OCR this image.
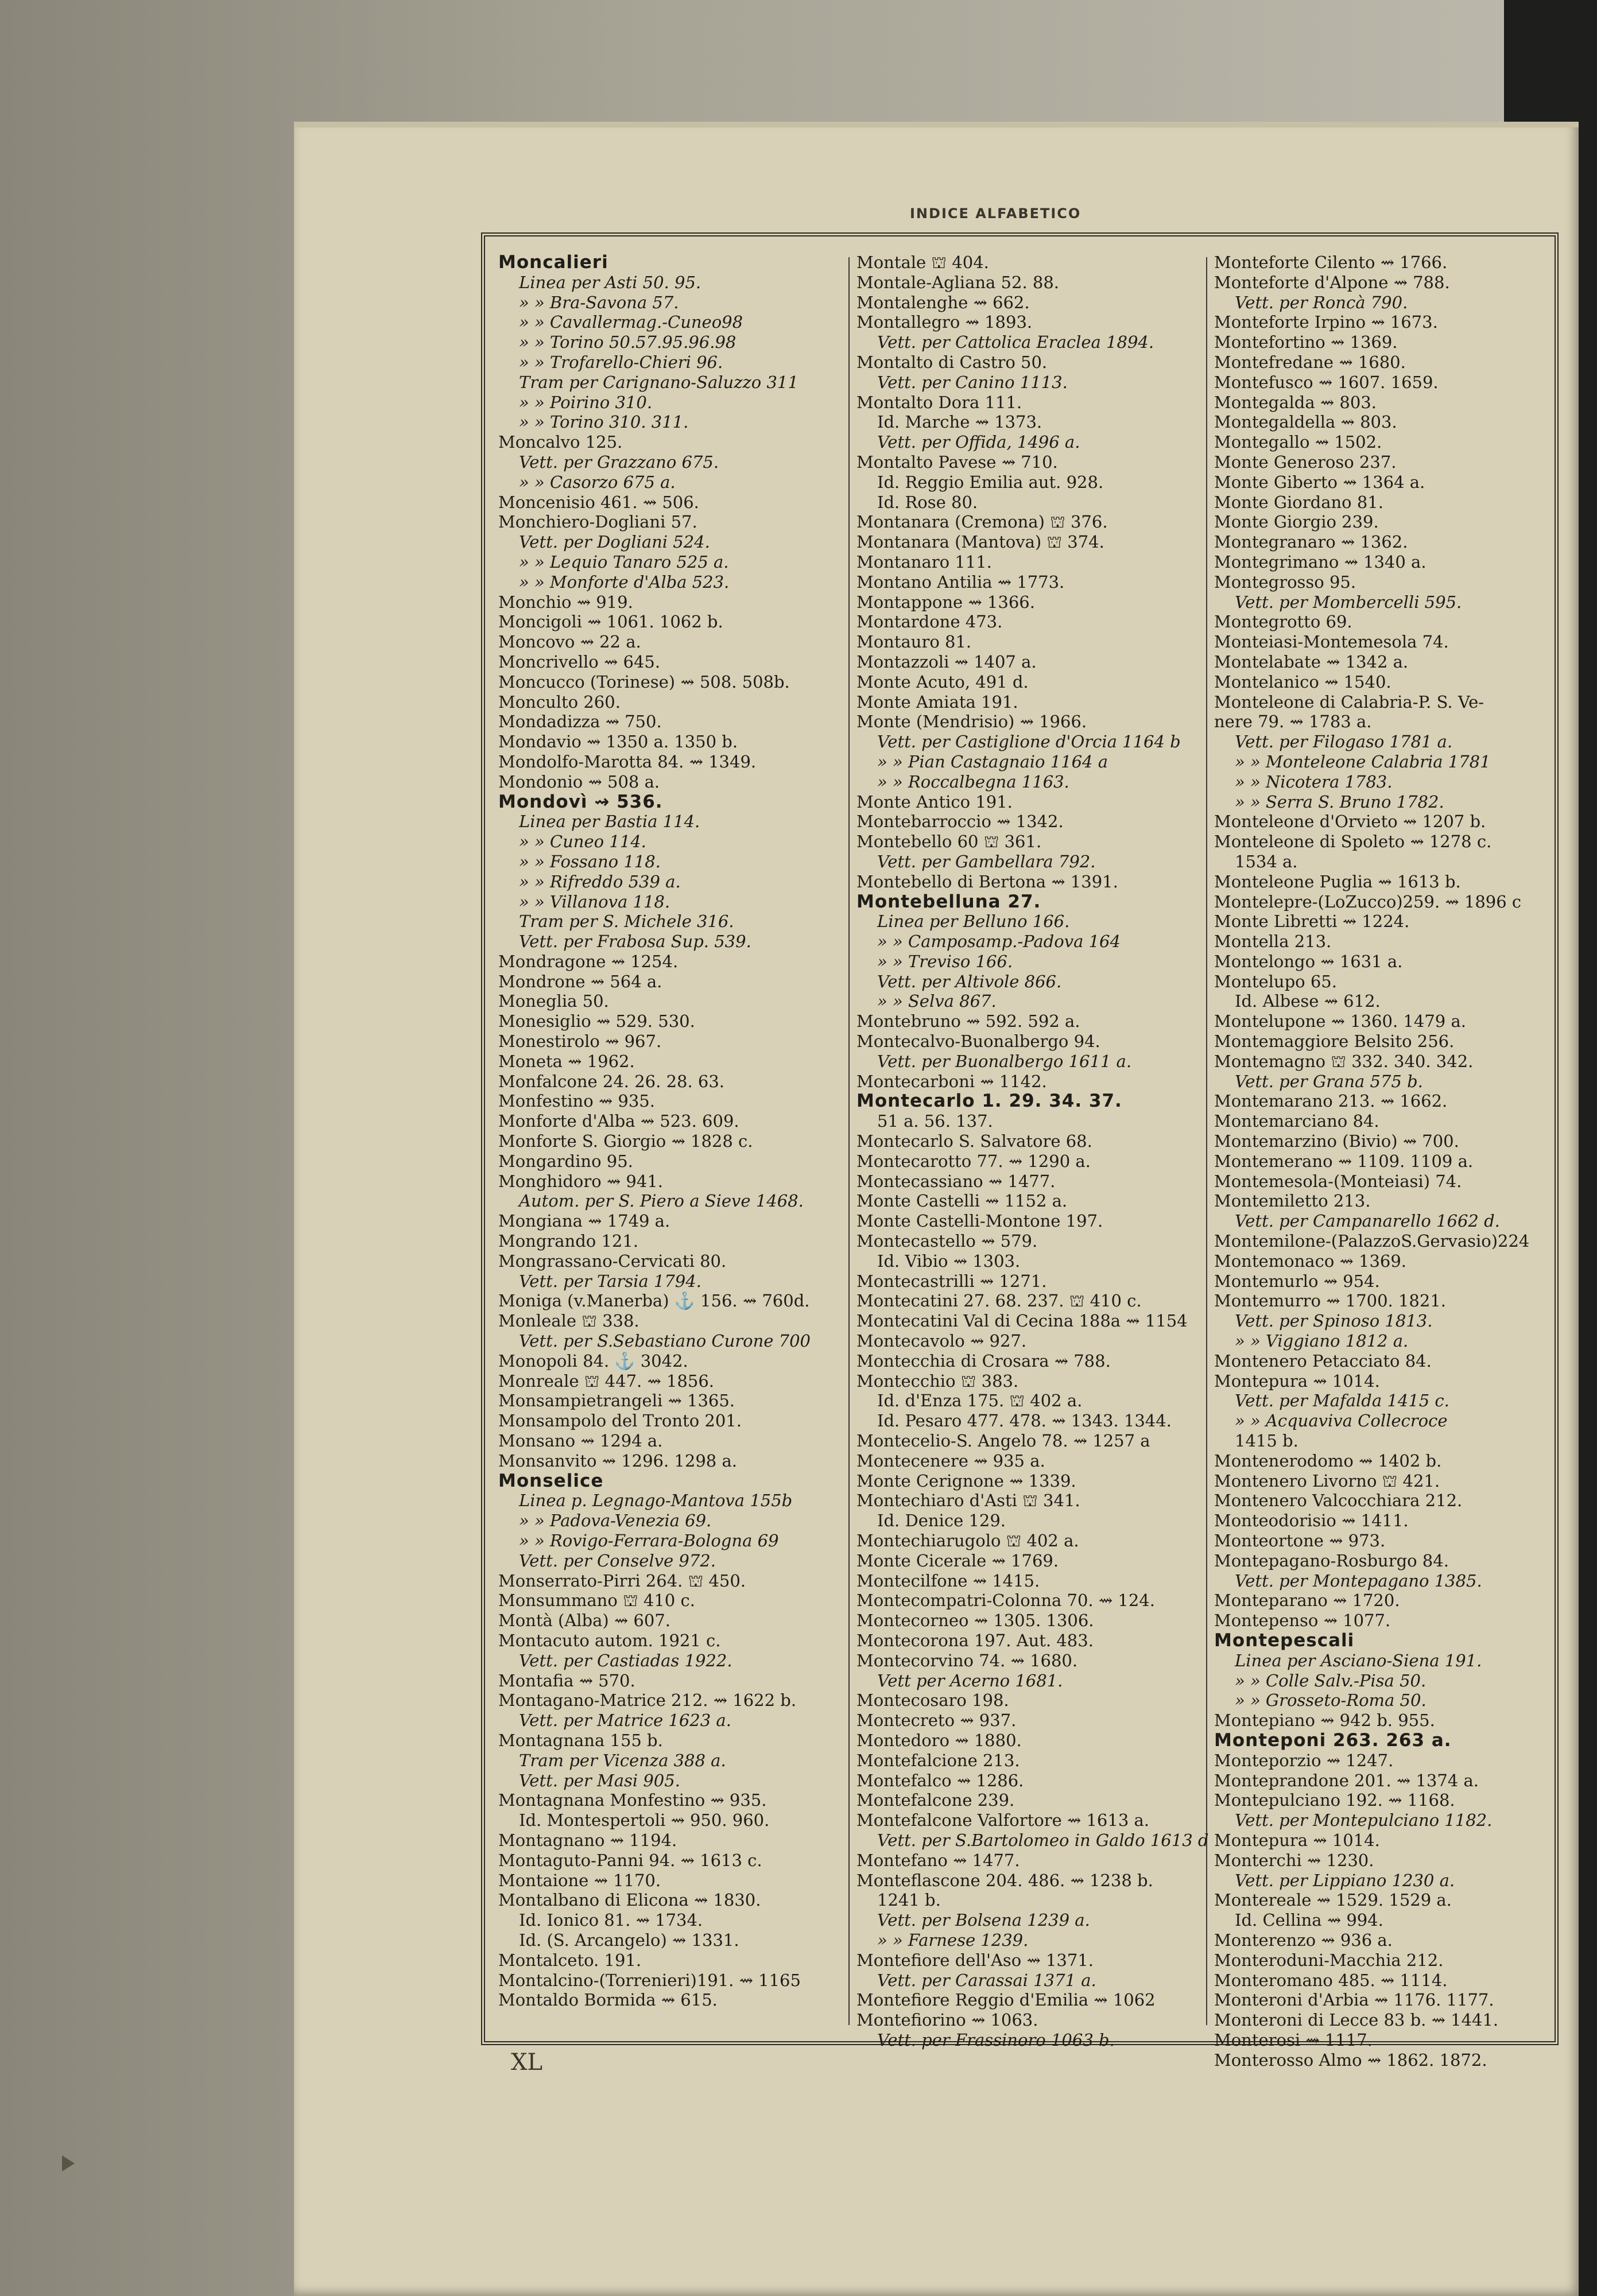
INDICE ALFABETICO
Moncalieri
Linea per Asti 50. 95.
» » Bra-Savona 57.
» » Cavallermag.-Cuneo98
» » Torino 50.57.95.96.98
» » Trofarello-Chieri 96.
Tram per Carignano-Saluzzo 311
» » Poirino 310.
» » Torino 310. 311.
Moncalvo 125.
Vett. per Grazzano 675.
» » Casorzo 675 a.
Moncenisio 461. ⇝ 506.
Monchiero-Dogliani 57.
Vett. per Dogliani 524.
» » Lequio Tanaro 525 a.
» » Monforte d'Alba 523.
Monchio ⇝ 919.
Moncigoli ⇝ 1061. 1062 b.
Moncovo ⇝ 22 a.
Moncrivello ⇝ 645.
Moncucco (Torinese) ⇝ 508. 508b.
Monculto 260.
Mondadizza ⇝ 750.
Mondavio ⇝ 1350 a. 1350 b.
Mondolfo-Marotta 84. ⇝ 1349.
Mondonio ⇝ 508 a.
Mondovì ⇝ 536.
Linea per Bastia 114.
» » Cuneo 114.
» » Fossano 118.
» » Rifreddo 539 a.
» » Villanova 118.
Tram per S. Michele 316.
Vett. per Frabosa Sup. 539.
Mondragone ⇝ 1254.
Mondrone ⇝ 564 a.
Moneglia 50.
Monesiglio ⇝ 529. 530.
Monestirolo ⇝ 967.
Moneta ⇝ 1962.
Monfalcone 24. 26. 28. 63.
Monfestino ⇝ 935.
Monforte d'Alba ⇝ 523. 609.
Monforte S. Giorgio ⇝ 1828 c.
Mongardino 95.
Monghidoro ⇝ 941.
Autom. per S. Piero a Sieve 1468.
Mongiana ⇝ 1749 a.
Mongrando 121.
Mongrassano-Cervicati 80.
Vett. per Tarsia 1794.
Moniga (v.Manerba) ⚓ 156. ⇝ 760d.
Monleale ⛫ 338.
Vett. per S.Sebastiano Curone 700
Monopoli 84. ⚓ 3042.
Monreale ⛫ 447. ⇝ 1856.
Monsampietrangeli ⇝ 1365.
Monsampolo del Tronto 201.
Monsano ⇝ 1294 a.
Monsanvito ⇝ 1296. 1298 a.
Monselice
Linea p. Legnago-Mantova 155b
» » Padova-Venezia 69.
» » Rovigo-Ferrara-Bologna 69
Vett. per Conselve 972.
Monserrato-Pirri 264. ⛫ 450.
Monsummano ⛫ 410 c.
Montà (Alba) ⇝ 607.
Montacuto autom. 1921 c.
Vett. per Castiadas 1922.
Montafia ⇝ 570.
Montagano-Matrice 212. ⇝ 1622 b.
Vett. per Matrice 1623 a.
Montagnana 155 b.
Tram per Vicenza 388 a.
Vett. per Masi 905.
Montagnana Monfestino ⇝ 935.
Id. Montespertoli ⇝ 950. 960.
Montagnano ⇝ 1194.
Montaguto-Panni 94. ⇝ 1613 c.
Montaione ⇝ 1170.
Montalbano di Elicona ⇝ 1830.
Id. Ionico 81. ⇝ 1734.
Id. (S. Arcangelo) ⇝ 1331.
Montalceto. 191.
Montalcino-(Torrenieri)191. ⇝ 1165
Montaldo Bormida ⇝ 615.
Montale ⛫ 404.
Montale-Agliana 52. 88.
Montalenghe ⇝ 662.
Montallegro ⇝ 1893.
Vett. per Cattolica Eraclea 1894.
Montalto di Castro 50.
Vett. per Canino 1113.
Montalto Dora 111.
Id. Marche ⇝ 1373.
Vett. per Offida, 1496 a.
Montalto Pavese ⇝ 710.
Id. Reggio Emilia aut. 928.
Id. Rose 80.
Montanara (Cremona) ⛫ 376.
Montanara (Mantova) ⛫ 374.
Montanaro 111.
Montano Antilia ⇝ 1773.
Montappone ⇝ 1366.
Montardone 473.
Montauro 81.
Montazzoli ⇝ 1407 a.
Monte Acuto, 491 d.
Monte Amiata 191.
Monte (Mendrisio) ⇝ 1966.
Vett. per Castiglione d'Orcia 1164 b
» » Pian Castagnaio 1164 a
» » Roccalbegna 1163.
Monte Antico 191.
Montebarroccio ⇝ 1342.
Montebello 60 ⛫ 361.
Vett. per Gambellara 792.
Montebello di Bertona ⇝ 1391.
Montebelluna 27.
Linea per Belluno 166.
» » Camposamp.-Padova 164
» » Treviso 166.
Vett. per Altivole 866.
» » Selva 867.
Montebruno ⇝ 592. 592 a.
Montecalvo-Buonalbergo 94.
Vett. per Buonalbergo 1611 a.
Montecarboni ⇝ 1142.
Montecarlo 1. 29. 34. 37.
51 a. 56. 137.
Montecarlo S. Salvatore 68.
Montecarotto 77. ⇝ 1290 a.
Montecassiano ⇝ 1477.
Monte Castelli ⇝ 1152 a.
Monte Castelli-Montone 197.
Montecastello ⇝ 579.
Id. Vibio ⇝ 1303.
Montecastrilli ⇝ 1271.
Montecatini 27. 68. 237. ⛫ 410 c.
Montecatini Val di Cecina 188a ⇝ 1154
Montecavolo ⇝ 927.
Montecchia di Crosara ⇝ 788.
Montecchio ⛫ 383.
Id. d'Enza 175. ⛫ 402 a.
Id. Pesaro 477. 478. ⇝ 1343. 1344.
Montecelio-S. Angelo 78. ⇝ 1257 a
Montecenere ⇝ 935 a.
Monte Cerignone ⇝ 1339.
Montechiaro d'Asti ⛫ 341.
Id. Denice 129.
Montechiarugolo ⛫ 402 a.
Monte Cicerale ⇝ 1769.
Montecilfone ⇝ 1415.
Montecompatri-Colonna 70. ⇝ 124.
Montecorneo ⇝ 1305. 1306.
Montecorona 197. Aut. 483.
Montecorvino 74. ⇝ 1680.
Vett per Acerno 1681.
Montecosaro 198.
Montecreto ⇝ 937.
Montedoro ⇝ 1880.
Montefalcione 213.
Montefalco ⇝ 1286.
Montefalcone 239.
Montefalcone Valfortore ⇝ 1613 a.
Vett. per S.Bartolomeo in Galdo 1613 d
Montefano ⇝ 1477.
Monteflascone 204. 486. ⇝ 1238 b.
1241 b.
Vett. per Bolsena 1239 a.
» » Farnese 1239.
Montefiore dell'Aso ⇝ 1371.
Vett. per Carassai 1371 a.
Montefiore Reggio d'Emilia ⇝ 1062
Montefiorino ⇝ 1063.
Vett. per Frassinoro 1063 b.
Monteforte Cilento ⇝ 1766.
Monteforte d'Alpone ⇝ 788.
Vett. per Roncà 790.
Monteforte Irpino ⇝ 1673.
Montefortino ⇝ 1369.
Montefredane ⇝ 1680.
Montefusco ⇝ 1607. 1659.
Montegalda ⇝ 803.
Montegaldella ⇝ 803.
Montegallo ⇝ 1502.
Monte Generoso 237.
Monte Giberto ⇝ 1364 a.
Monte Giordano 81.
Monte Giorgio 239.
Montegranaro ⇝ 1362.
Montegrimano ⇝ 1340 a.
Montegrosso 95.
Vett. per Mombercelli 595.
Montegrotto 69.
Monteiasi-Montemesola 74.
Montelabate ⇝ 1342 a.
Montelanico ⇝ 1540.
Monteleone di Calabria-P. S. Ve-
nere 79. ⇝ 1783 a.
Vett. per Filogaso 1781 a.
» » Monteleone Calabria 1781
» » Nicotera 1783.
» » Serra S. Bruno 1782.
Monteleone d'Orvieto ⇝ 1207 b.
Monteleone di Spoleto ⇝ 1278 c.
1534 a.
Monteleone Puglia ⇝ 1613 b.
Montelepre-(LoZucco)259. ⇝ 1896 c
Monte Libretti ⇝ 1224.
Montella 213.
Montelongo ⇝ 1631 a.
Montelupo 65.
Id. Albese ⇝ 612.
Montelupone ⇝ 1360. 1479 a.
Montemaggiore Belsito 256.
Montemagno ⛫ 332. 340. 342.
Vett. per Grana 575 b.
Montemarano 213. ⇝ 1662.
Montemarciano 84.
Montemarzino (Bivio) ⇝ 700.
Montemerano ⇝ 1109. 1109 a.
Montemesola-(Monteiasi) 74.
Montemiletto 213.
Vett. per Campanarello 1662 d.
Montemilone-(PalazzoS.Gervasio)224
Montemonaco ⇝ 1369.
Montemurlo ⇝ 954.
Montemurro ⇝ 1700. 1821.
Vett. per Spinoso 1813.
» » Viggiano 1812 a.
Montenero Petacciato 84.
Montepura ⇝ 1014.
Vett. per Mafalda 1415 c.
» » Acquaviva Collecroce
1415 b.
Montenerodomo ⇝ 1402 b.
Montenero Livorno ⛫ 421.
Montenero Valcocchiara 212.
Monteodorisio ⇝ 1411.
Monteortone ⇝ 973.
Montepagano-Rosburgo 84.
Vett. per Montepagano 1385.
Monteparano ⇝ 1720.
Montepenso ⇝ 1077.
Montepescali
Linea per Asciano-Siena 191.
» » Colle Salv.-Pisa 50.
» » Grosseto-Roma 50.
Montepiano ⇝ 942 b. 955.
Monteponi 263. 263 a.
Monteporzio ⇝ 1247.
Monteprandone 201. ⇝ 1374 a.
Montepulciano 192. ⇝ 1168.
Vett. per Montepulciano 1182.
Montepura ⇝ 1014.
Monterchi ⇝ 1230.
Vett. per Lippiano 1230 a.
Montereale ⇝ 1529. 1529 a.
Id. Cellina ⇝ 994.
Monterenzo ⇝ 936 a.
Monteroduni-Macchia 212.
Monteromano 485. ⇝ 1114.
Monteroni d'Arbia ⇝ 1176. 1177.
Monteroni di Lecce 83 b. ⇝ 1441.
Monterosi ⇝ 1117.
Monterosso Almo ⇝ 1862. 1872.
XL
